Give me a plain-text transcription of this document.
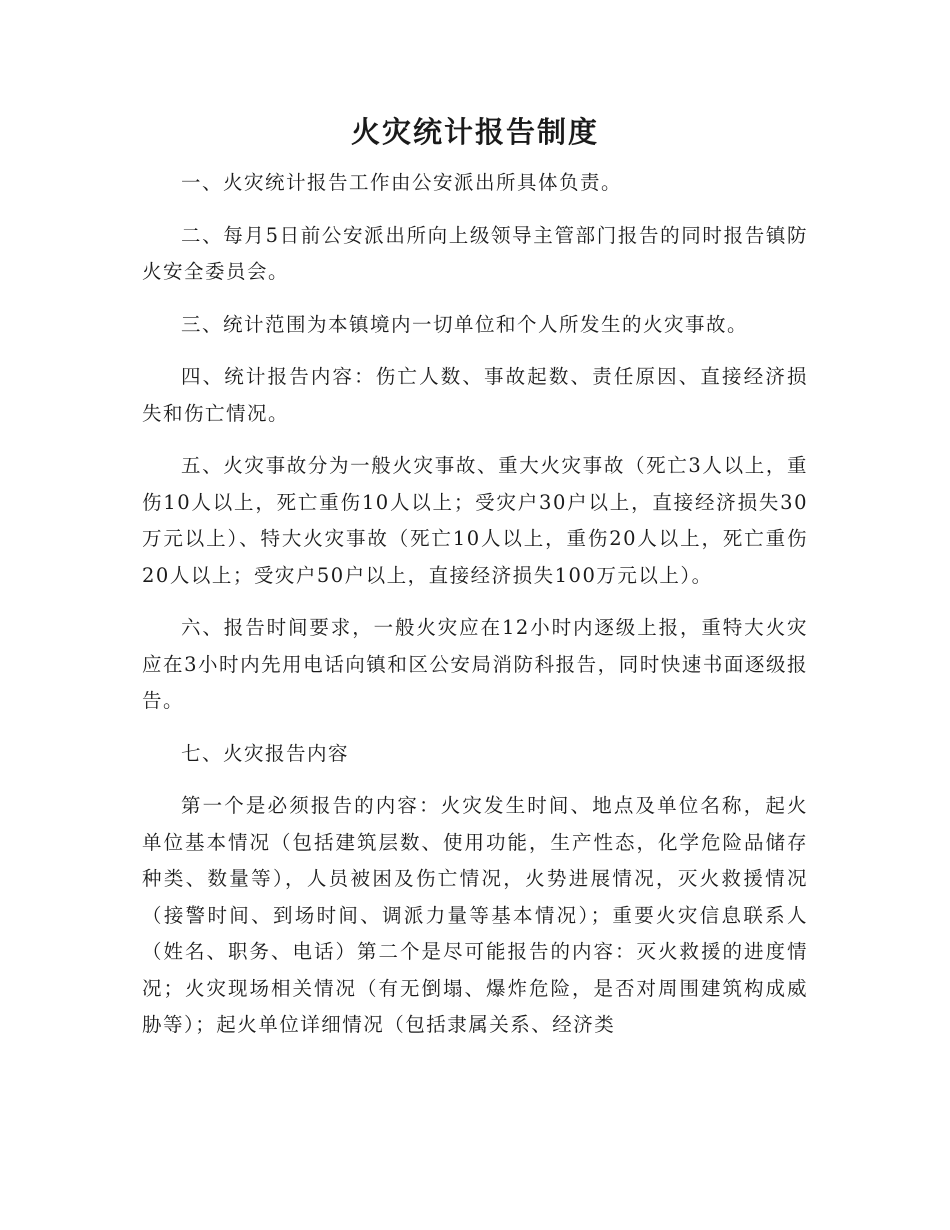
火灾统计报告制度

一、火灾统计报告工作由公安派出所具体负责。

二、每月5日前公安派出所向上级领导主管部门报告的同时报告镇防火安全委员会。

三、统计范围为本镇境内一切单位和个人所发生的火灾事故。

四、统计报告内容：伤亡人数、事故起数、责任原因、直接经济损失和伤亡情况。

五、火灾事故分为一般火灾事故、重大火灾事故（死亡3人以上，重伤10人以上，死亡重伤10人以上；受灾户30户以上，直接经济损失30万元以上）、特大火灾事故（死亡10人以上，重伤20人以上，死亡重伤20人以上；受灾户50户以上，直接经济损失100万元以上）。

六、报告时间要求，一般火灾应在12小时内逐级上报，重特大火灾应在3小时内先用电话向镇和区公安局消防科报告，同时快速书面逐级报告。

七、火灾报告内容

第一个是必须报告的内容：火灾发生时间、地点及单位名称，起火单位基本情况（包括建筑层数、使用功能，生产性态，化学危险品储存种类、数量等），人员被困及伤亡情况，火势进展情况，灭火救援情况（接警时间、到场时间、调派力量等基本情况）；重要火灾信息联系人（姓名、职务、电话）第二个是尽可能报告的内容：灭火救援的进度情况；火灾现场相关情况（有无倒塌、爆炸危险，是否对周围建筑构成威胁等）；起火单位详细情况（包括隶属关系、经济类
